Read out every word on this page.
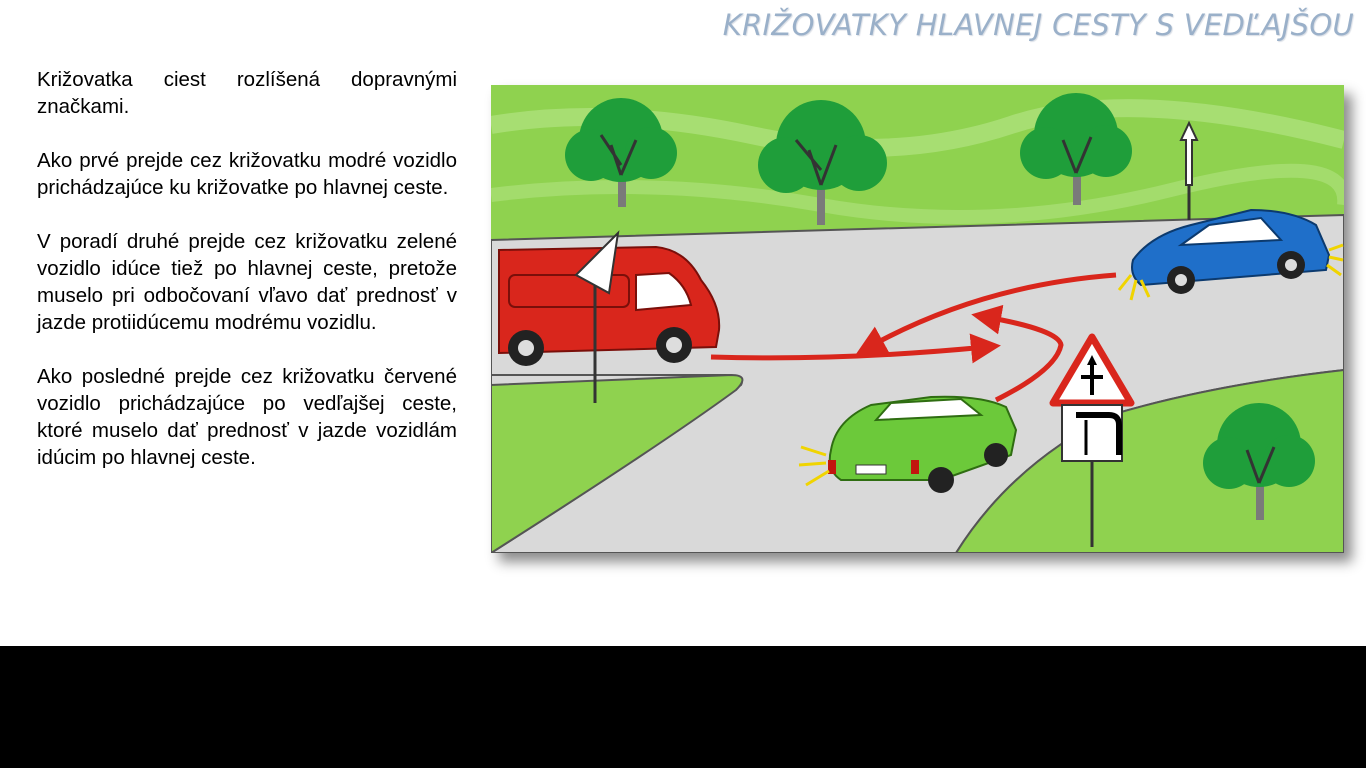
KRIŽOVATKY HLAVNEJ CESTY S VEDĽAJŠOU

Križovatka ciest rozlíšená dopravnými značkami.

Ako prvé prejde cez križovatku modré vozidlo prichádzajúce ku križovatke po hlavnej ceste.

V poradí druhé prejde cez križovatku zelené vozidlo idúce tiež po hlavnej ceste, pretože muselo pri odbočovaní vľavo dať prednosť v jazde protiidúcemu modrému vozidlu.

Ako posledné prejde cez križovatku červené vozidlo prichádzajúce po vedľajšej ceste, ktoré muselo dať prednosť v jazde vozidlám idúcim po hlavnej ceste.
